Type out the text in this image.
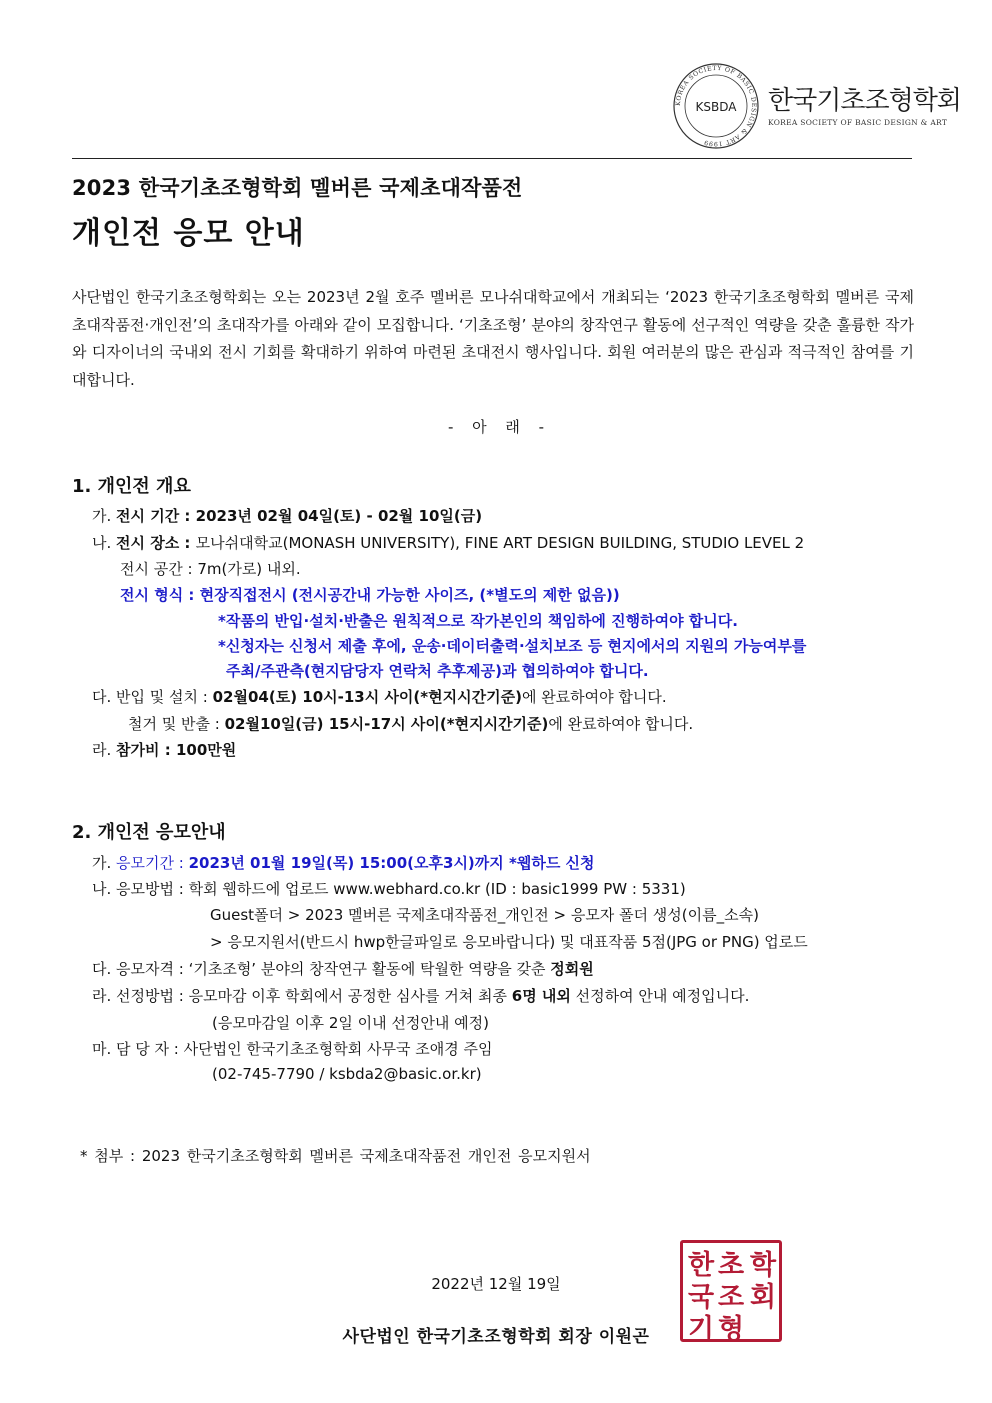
KOREA SOCIETY OF BASIC DESIGN & ART 1999
KSBDA 한국기초조형학회
KOREA SOCIETY OF BASIC DESIGN & ART
2023 한국기초조형학회 멜버른 국제초대작품전
개인전 응모 안내
사단법인 한국기초조형학회는 오는 2023년 2월 호주 멜버른 모나쉬대학교에서 개최되는 ‘2023 한국기초조형학회 멜버른 국제초대작품전·개인전’의 초대작가를 아래와 같이 모집합니다. ‘기초조형’ 분야의 창작연구 활동에 선구적인 역량을 갖춘 훌륭한 작가와 디자이너의 국내외 전시 기회를 확대하기 위하여 마련된 초대전시 행사입니다. 회원 여러분의 많은 관심과 적극적인 참여를 기대합니다.
- 아 래 -
1. 개인전 개요
가. 전시 기간 : 2023년 02월 04일(토) - 02월 10일(금)
나. 전시 장소 : 모나쉬대학교(MONASH UNIVERSITY), FINE ART DESIGN BUILDING, STUDIO LEVEL 2
전시 공간 : 7m(가로) 내외.
전시 형식 : 현장직접전시 (전시공간내 가능한 사이즈, (*별도의 제한 없음))
*작품의 반입·설치·반출은 원칙적으로 작가본인의 책임하에 진행하여야 합니다.
*신청자는 신청서 제출 후에, 운송·데이터출력·설치보조 등 현지에서의 지원의 가능여부를
주최/주관측(현지담당자 연락처 추후제공)과 협의하여야 합니다.
다. 반입 및 설치 : 02월04(토) 10시-13시 사이(*현지시간기준)에 완료하여야 합니다.
철거 및 반출 : 02월10일(금) 15시-17시 사이(*현지시간기준)에 완료하여야 합니다.
라. 참가비 : 100만원
2. 개인전 응모안내
가. 응모기간 : 2023년 01월 19일(목) 15:00(오후3시)까지 *웹하드 신청
나. 응모방법 : 학회 웹하드에 업로드 www.webhard.co.kr (ID : basic1999 PW : 5331)
Guest폴더 > 2023 멜버른 국제초대작품전_개인전 > 응모자 폴더 생성(이름_소속)
> 응모지원서(반드시 hwp한글파일로 응모바랍니다) 및 대표작품 5점(JPG or PNG) 업로드
다. 응모자격 : ‘기초조형’ 분야의 창작연구 활동에 탁월한 역량을 갖춘 정회원
라. 선정방법 : 응모마감 이후 학회에서 공정한 심사를 거쳐 최종 6명 내외 선정하여 안내 예정입니다.
(응모마감일 이후 2일 이내 선정안내 예정)
마. 담 당 자 : 사단법인 한국기초조형학회 사무국 조애경 주임
(02-745-7790 / ksbda2@basic.or.kr)
* 첨부 : 2023 한국기초조형학회 멜버른 국제초대작품전 개인전 응모지원서
2022년 12월 19일
사단법인 한국기초조형학회 회장 이원곤
한
국
기
초
조
형
학
회
